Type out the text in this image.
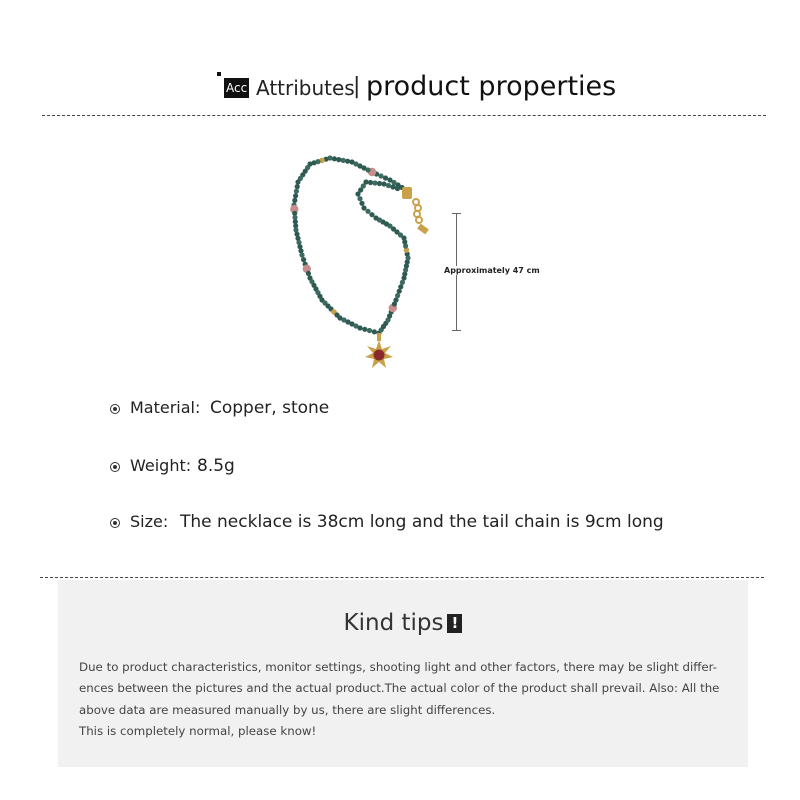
Acc Attributes
| product properties
Approximately 47 cm
Material: Copper, stone
Weight: 8.5g
Size: The necklace is 38cm long and the tail chain is 9cm long
Kind tips !
Due to product characteristics, monitor settings, shooting light and other factors, there may be slight differ-
ences between the pictures and the actual product.The actual color of the product shall prevail. Also: All the
above data are measured manually by us, there are slight differences.
This is completely normal, please know!
